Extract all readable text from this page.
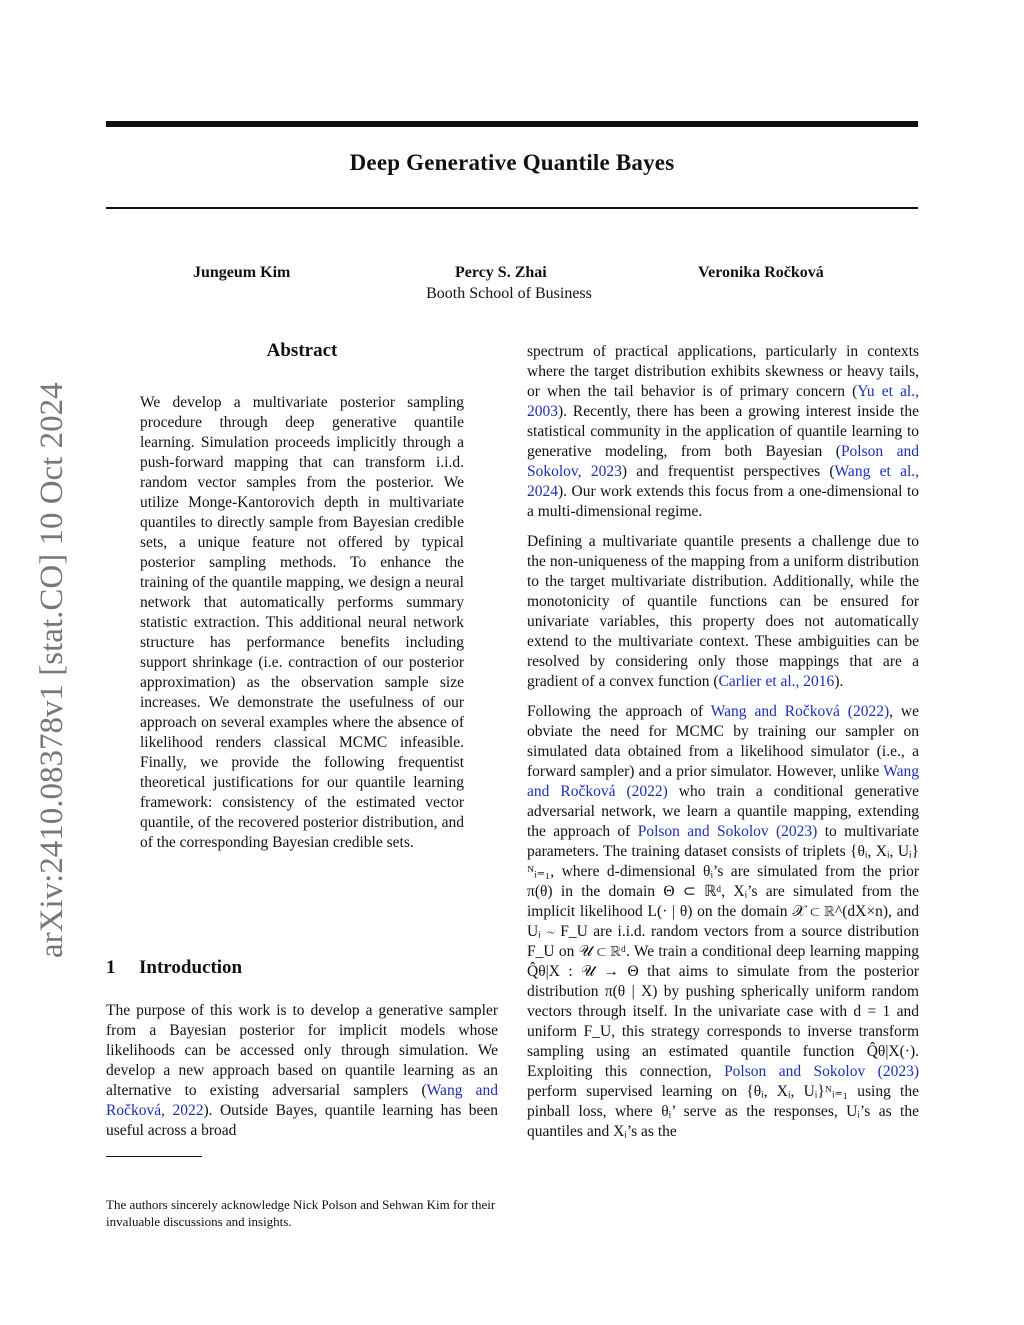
arXiv:2410.08378v1 [stat.CO] 10 Oct 2024
Deep Generative Quantile Bayes
Jungeum Kim	Percy S. Zhai	Veronika Ročková
Booth School of Business
Abstract
We develop a multivariate posterior sampling procedure through deep generative quantile learning. Simulation proceeds implicitly through a push-forward mapping that can transform i.i.d. random vector samples from the posterior. We utilize Monge-Kantorovich depth in multivariate quantiles to directly sample from Bayesian credible sets, a unique feature not offered by typical posterior sampling methods. To enhance the training of the quantile mapping, we design a neural network that automatically performs summary statistic extraction. This additional neural network structure has performance benefits including support shrinkage (i.e. contraction of our posterior approximation) as the observation sample size increases. We demonstrate the usefulness of our approach on several examples where the absence of likelihood renders classical MCMC infeasible. Finally, we provide the following frequentist theoretical justifications for our quantile learning framework: consistency of the estimated vector quantile, of the recovered posterior distribution, and of the corresponding Bayesian credible sets.
1 Introduction
The purpose of this work is to develop a generative sampler from a Bayesian posterior for implicit models whose likelihoods can be accessed only through simulation. We develop a new approach based on quantile learning as an alternative to existing adversarial samplers (Wang and Ročková, 2022). Outside Bayes, quantile learning has been useful across a broad

spectrum of practical applications, particularly in contexts where the target distribution exhibits skewness or heavy tails, or when the tail behavior is of primary concern (Yu et al., 2003). Recently, there has been a growing interest inside the statistical community in the application of quantile learning to generative modeling, from both Bayesian (Polson and Sokolov, 2023) and frequentist perspectives (Wang et al., 2024). Our work extends this focus from a one-dimensional to a multi-dimensional regime.

Defining a multivariate quantile presents a challenge due to the non-uniqueness of the mapping from a uniform distribution to the target multivariate distribution. Additionally, while the monotonicity of quantile functions can be ensured for univariate variables, this property does not automatically extend to the multivariate context. These ambiguities can be resolved by considering only those mappings that are a gradient of a convex function (Carlier et al., 2016).

Following the approach of Wang and Ročková (2022), we obviate the need for MCMC by training our sampler on simulated data obtained from a likelihood simulator (i.e., a forward sampler) and a prior simulator. However, unlike Wang and Ročková (2022) who train a conditional generative adversarial network, we learn a quantile mapping, extending the approach of Polson and Sokolov (2023) to multivariate parameters. The training dataset consists of triplets {θᵢ, Xᵢ, Uᵢ}ᴺᵢ₌₁, where d-dimensional θᵢ’s are simulated from the prior π(θ) in the domain Θ ⊂ ℝᵈ, Xᵢ’s are simulated from the implicit likelihood L(· | θ) on the domain 𝒳 ⊂ ℝ^(dX×n), and Uᵢ ∼ F_U are i.i.d. random vectors from a source distribution F_U on 𝒰 ⊂ ℝᵈ. We train a conditional deep learning mapping Q̂θ|X : 𝒰 → Θ that aims to simulate from the posterior distribution π(θ | X) by pushing spherically uniform random vectors through itself. In the univariate case with d = 1 and uniform F_U, this strategy corresponds to inverse transform sampling using an estimated quantile function Q̂θ|X(·). Exploiting this connection, Polson and Sokolov (2023) perform supervised learning on {θᵢ, Xᵢ, Uᵢ}ᴺᵢ₌₁ using the pinball loss, where θᵢ’ serve as the responses, Uᵢ’s as the quantiles and Xᵢ’s as the

The authors sincerely acknowledge Nick Polson and Sehwan Kim for their invaluable discussions and insights.
